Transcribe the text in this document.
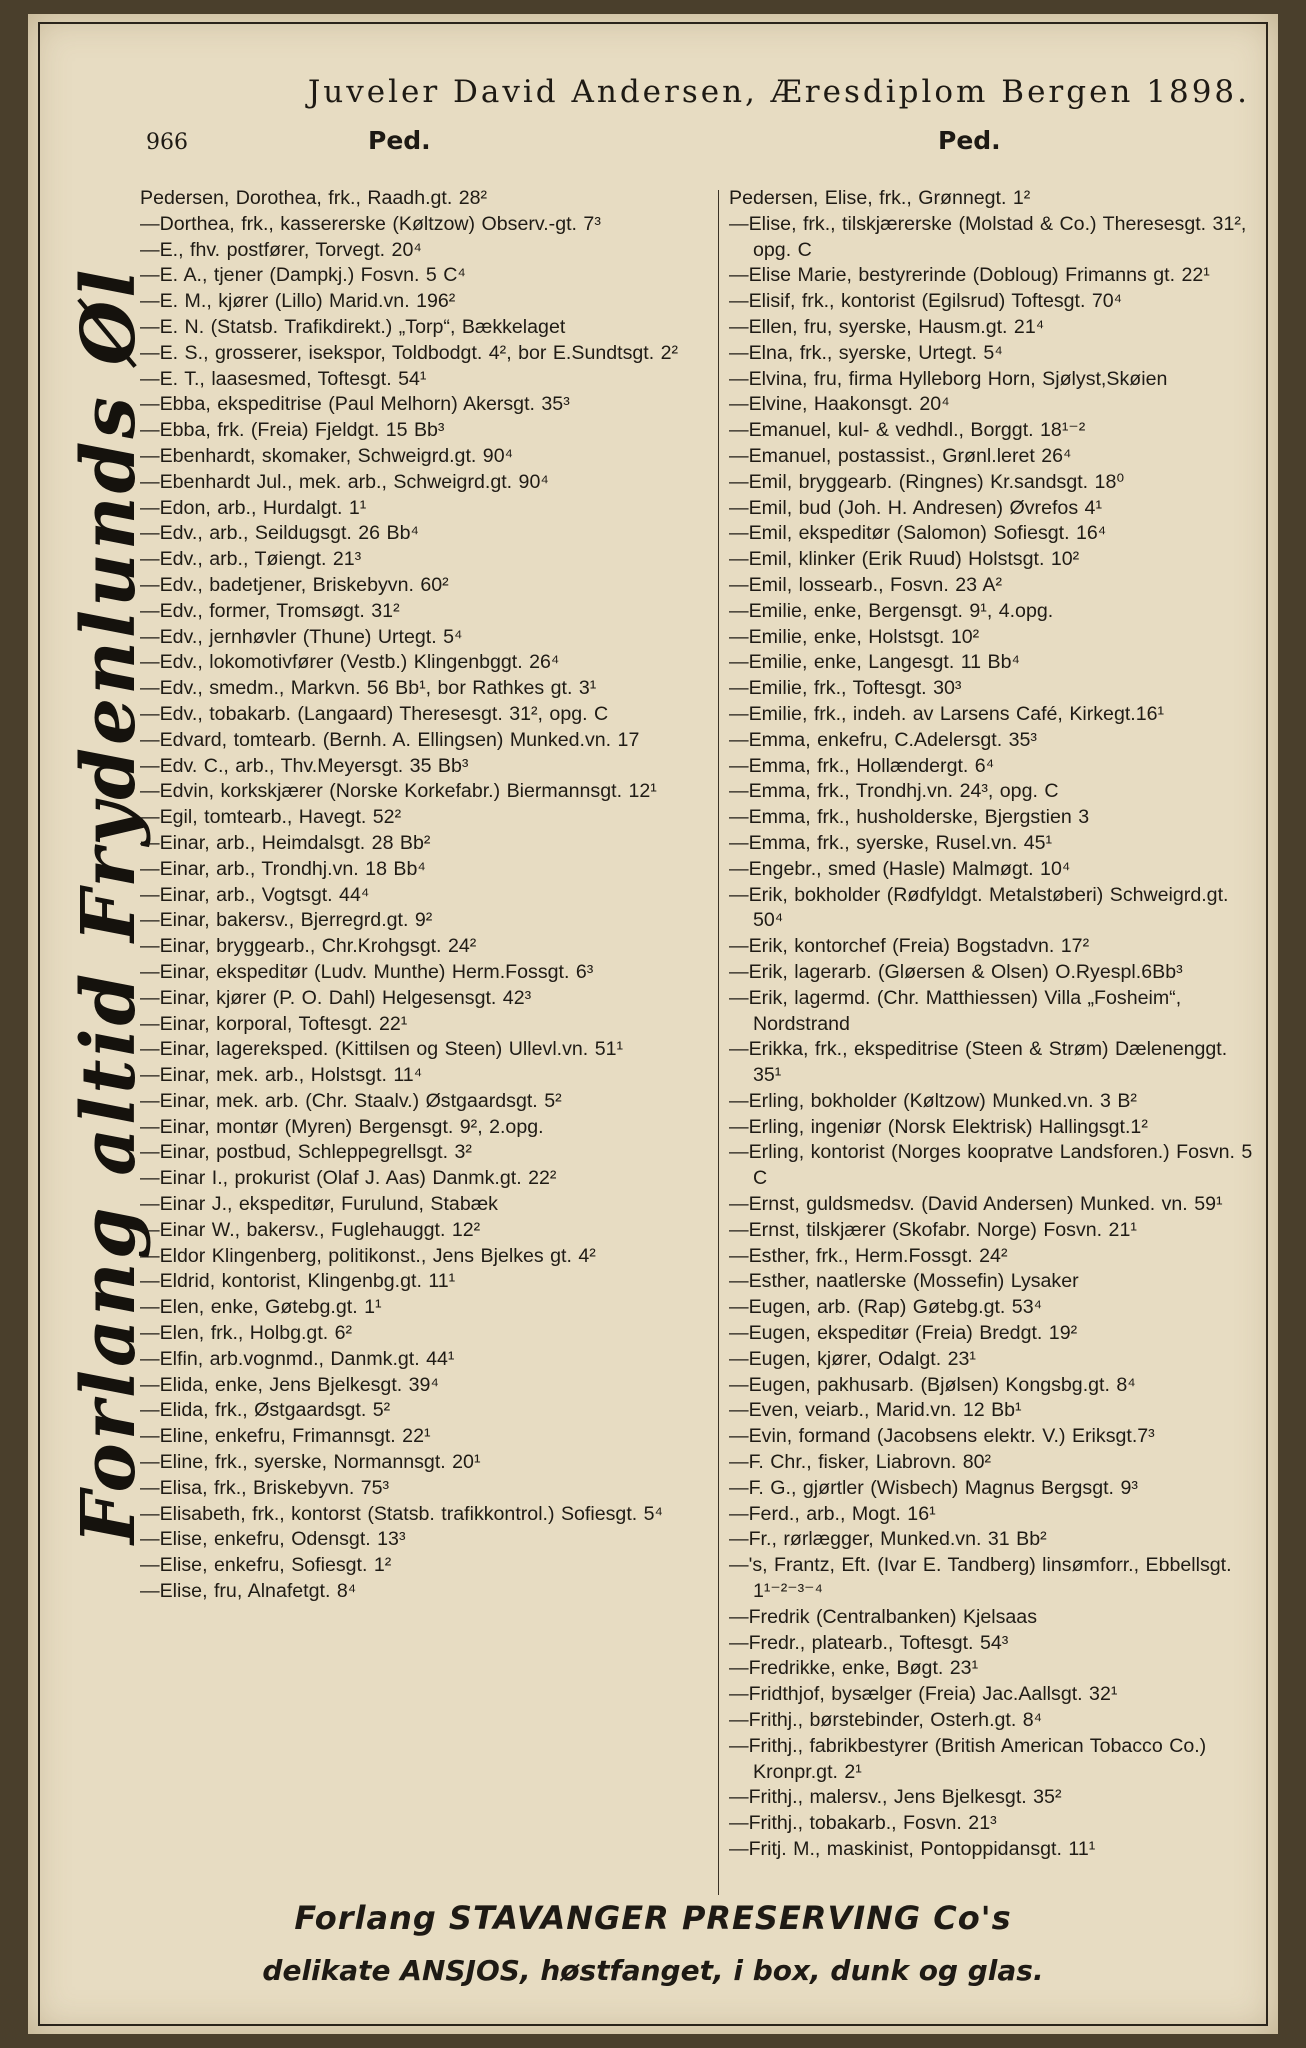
Juveler David Andersen, Æresdiplom Bergen 1898.
966	Ped.	Ped.
Forlang altid Frydenlunds Øl
Pedersen, Dorothea, frk., Raadh.gt. 28²
—Dorthea, frk., kassererske (Køltzow) Observ.-gt. 7³
—E., fhv. postfører, Torvegt. 20⁴
—E. A., tjener (Dampkj.) Fosvn. 5 C⁴
—E. M., kjører (Lillo) Marid.vn. 196²
—E. N. (Statsb. Trafikdirekt.) „Torp“, Bækkelaget
—E. S., grosserer, isekspor, Toldbodgt. 4², bor E.Sundtsgt. 2²
—E. T., laasesmed, Toftesgt. 54¹
—Ebba, ekspeditrise (Paul Melhorn) Akersgt. 35³
—Ebba, frk. (Freia) Fjeldgt. 15 Bb³
—Ebenhardt, skomaker, Schweigrd.gt. 90⁴
—Ebenhardt Jul., mek. arb., Schweigrd.gt. 90⁴
—Edon, arb., Hurdalgt. 1¹
—Edv., arb., Seildugsgt. 26 Bb⁴
—Edv., arb., Tøiengt. 21³
—Edv., badetjener, Briskebyvn. 60²
—Edv., former, Tromsøgt. 31²
—Edv., jernhøvler (Thune) Urtegt. 5⁴
—Edv., lokomotivfører (Vestb.) Klingenbggt. 26⁴
—Edv., smedm., Markvn. 56 Bb¹, bor Rathkes gt. 3¹
—Edv., tobakarb. (Langaard) Theresesgt. 31², opg. C
—Edvard, tomtearb. (Bernh. A. Ellingsen) Munked.vn. 17
—Edv. C., arb., Thv.Meyersgt. 35 Bb³
—Edvin, korkskjærer (Norske Korkefabr.) Biermannsgt. 12¹
—Egil, tomtearb., Havegt. 52²
—Einar, arb., Heimdalsgt. 28 Bb²
—Einar, arb., Trondhj.vn. 18 Bb⁴
—Einar, arb., Vogtsgt. 44⁴
—Einar, bakersv., Bjerregrd.gt. 9²
—Einar, bryggearb., Chr.Krohgsgt. 24²
—Einar, ekspeditør (Ludv. Munthe) Herm.Fossgt. 6³
—Einar, kjører (P. O. Dahl) Helgesensgt. 42³
—Einar, korporal, Toftesgt. 22¹
—Einar, lagereksped. (Kittilsen og Steen) Ullevl.vn. 51¹
—Einar, mek. arb., Holstsgt. 11⁴
—Einar, mek. arb. (Chr. Staalv.) Østgaardsgt. 5²
—Einar, montør (Myren) Bergensgt. 9², 2.opg.
—Einar, postbud, Schleppegrellsgt. 3²
—Einar I., prokurist (Olaf J. Aas) Danmk.gt. 22²
—Einar J., ekspeditør, Furulund, Stabæk
—Einar W., bakersv., Fuglehauggt. 12²
—Eldor Klingenberg, politikonst., Jens Bjelkes gt. 4²
—Eldrid, kontorist, Klingenbg.gt. 11¹
—Elen, enke, Gøtebg.gt. 1¹
—Elen, frk., Holbg.gt. 6²
—Elfin, arb.vognmd., Danmk.gt. 44¹
—Elida, enke, Jens Bjelkesgt. 39⁴
—Elida, frk., Østgaardsgt. 5²
—Eline, enkefru, Frimannsgt. 22¹
—Eline, frk., syerske, Normannsgt. 20¹
—Elisa, frk., Briskebyvn. 75³
—Elisabeth, frk., kontorst (Statsb. trafikkontrol.) Sofiesgt. 5⁴
—Elise, enkefru, Odensgt. 13³
—Elise, enkefru, Sofiesgt. 1²
—Elise, fru, Alnafetgt. 8⁴
Pedersen, Elise, frk., Grønnegt. 1²
—Elise, frk., tilskjærerske (Molstad & Co.) Theresesgt. 31², opg. C
—Elise Marie, bestyrerinde (Dobloug) Frimanns gt. 22¹
—Elisif, frk., kontorist (Egilsrud) Toftesgt. 70⁴
—Ellen, fru, syerske, Hausm.gt. 21⁴
—Elna, frk., syerske, Urtegt. 5⁴
—Elvina, fru, firma Hylleborg Horn, Sjølyst,Skøien
—Elvine, Haakonsgt. 20⁴
—Emanuel, kul- & vedhdl., Borggt. 18¹⁻²
—Emanuel, postassist., Grønl.leret 26⁴
—Emil, bryggearb. (Ringnes) Kr.sandsgt. 18⁰
—Emil, bud (Joh. H. Andresen) Øvrefos 4¹
—Emil, ekspeditør (Salomon) Sofiesgt. 16⁴
—Emil, klinker (Erik Ruud) Holstsgt. 10²
—Emil, lossearb., Fosvn. 23 A²
—Emilie, enke, Bergensgt. 9¹, 4.opg.
—Emilie, enke, Holstsgt. 10²
—Emilie, enke, Langesgt. 11 Bb⁴
—Emilie, frk., Toftesgt. 30³
—Emilie, frk., indeh. av Larsens Café, Kirkegt.16¹
—Emma, enkefru, C.Adelersgt. 35³
—Emma, frk., Hollændergt. 6⁴
—Emma, frk., Trondhj.vn. 24³, opg. C
—Emma, frk., husholderske, Bjergstien 3
—Emma, frk., syerske, Rusel.vn. 45¹
—Engebr., smed (Hasle) Malmøgt. 10⁴
—Erik, bokholder (Rødfyldgt. Metalstøberi) Schweigrd.gt. 50⁴
—Erik, kontorchef (Freia) Bogstadvn. 17²
—Erik, lagerarb. (Gløersen & Olsen) O.Ryespl.6Bb³
—Erik, lagermd. (Chr. Matthiessen) Villa „Fosheim“, Nordstrand
—Erikka, frk., ekspeditrise (Steen & Strøm) Dælenenggt. 35¹
—Erling, bokholder (Køltzow) Munked.vn. 3 B²
—Erling, ingeniør (Norsk Elektrisk) Hallingsgt.1²
—Erling, kontorist (Norges koopratve Landsforen.) Fosvn. 5 C
—Ernst, guldsmedsv. (David Andersen) Munked. vn. 59¹
—Ernst, tilskjærer (Skofabr. Norge) Fosvn. 21¹
—Esther, frk., Herm.Fossgt. 24²
—Esther, naatlerske (Mossefin) Lysaker
—Eugen, arb. (Rap) Gøtebg.gt. 53⁴
—Eugen, ekspeditør (Freia) Bredgt. 19²
—Eugen, kjører, Odalgt. 23¹
—Eugen, pakhusarb. (Bjølsen) Kongsbg.gt. 8⁴
—Even, veiarb., Marid.vn. 12 Bb¹
—Evin, formand (Jacobsens elektr. V.) Eriksgt.7³
—F. Chr., fisker, Liabrovn. 80²
—F. G., gjørtler (Wisbech) Magnus Bergsgt. 9³
—Ferd., arb., Mogt. 16¹
—Fr., rørlægger, Munked.vn. 31 Bb²
—'s, Frantz, Eft. (Ivar E. Tandberg) linsømforr., Ebbellsgt. 1¹⁻²⁻³⁻⁴
—Fredrik (Centralbanken) Kjelsaas
—Fredr., platearb., Toftesgt. 54³
—Fredrikke, enke, Bøgt. 23¹
—Fridthjof, bysælger (Freia) Jac.Aallsgt. 32¹
—Frithj., børstebinder, Osterh.gt. 8⁴
—Frithj., fabrikbestyrer (British American Tobacco Co.) Kronpr.gt. 2¹
—Frithj., malersv., Jens Bjelkesgt. 35²
—Frithj., tobakarb., Fosvn. 21³
—Fritj. M., maskinist, Pontoppidansgt. 11¹
Forlang STAVANGER PRESERVING Co's
delikate ANSJOS, høstfanget, i box, dunk og glas.
